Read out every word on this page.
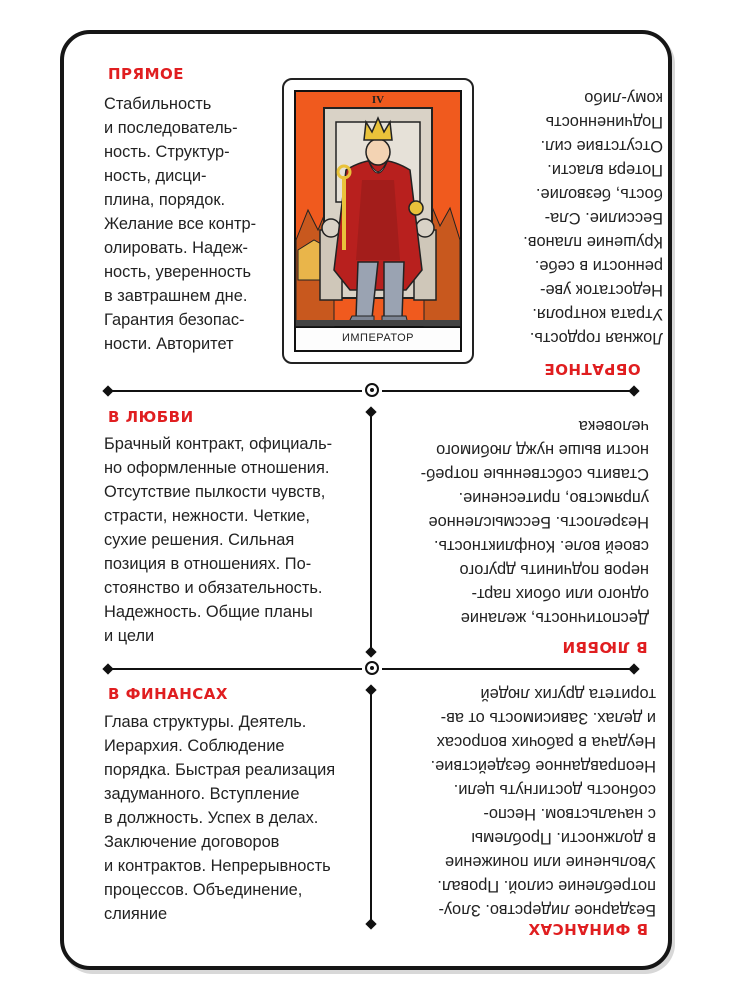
ПРЯМОЕ

Стабильность
и последователь-
ность. Структур-
ность, дисци-
плина, порядок.
Желание все контр-
олировать. Надеж-
ность, уверенность
в завтрашнем дне.
Гарантия безопас-
ности. Авторитет

IV
ИМПЕРАТОР
ОБРАТНОЕ

Ложная гордость.
Утрата контроля.
Недостаток уве-
ренности в себе.
Крушение планов.
Бессилие. Сла-
бость, безволие.
Потеря власти.
Отсутствие сил.
Подчиненность
кому-либо

В ЛЮБВИ

Брачный контракт, официаль-
но оформленные отношения.
Отсутствие пылкости чувств,
страсти, нежности. Четкие,
сухие решения. Сильная
позиция в отношениях. По-
стоянство и обязательность.
Надежность. Общие планы
и цели

Деспотичность, желание
одного или обоих парт-
неров подчинить другого
своей воле. Конфликтность.
Незрелость. Бессмысленное
упрямство, притеснение.
Ставить собственные потреб-
ности выше нужд любимого
человека

В ЛЮБВИ
В ФИНАНСАХ

Глава структуры. Деятель.
Иерархия. Соблюдение
порядка. Быстрая реализация
задуманного. Вступление
в должность. Успех в делах.
Заключение договоров
и контрактов. Непрерывность
процессов. Объединение,
слияние	Бездарное лидерство. Злоу-
потребление силой. Провал.
Увольнение или понижение
в должности. Проблемы
с начальством. Неспо-
собность достигнуть цели.
Неоправданное бездействие.
Неудача в рабочих вопросах
и делах. Зависимость от ав-
торитета других людей

В ФИНАНСАХ
